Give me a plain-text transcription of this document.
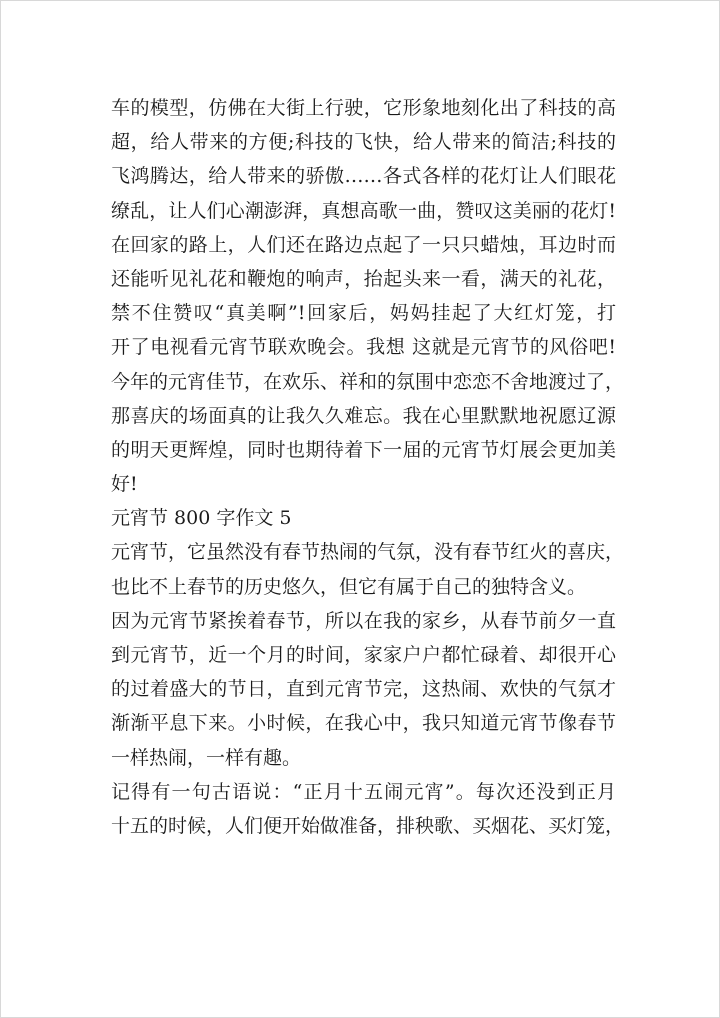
车的模型，仿佛在大街上行驶，它形象地刻化出了科技的高
超，给人带来的方便;科技的飞快，给人带来的简洁;科技的
飞鸿腾达，给人带来的骄傲……各式各样的花灯让人们眼花
缭乱，让人们心潮澎湃，真想高歌一曲，赞叹这美丽的花灯!
在回家的路上，人们还在路边点起了一只只蜡烛，耳边时而
还能听见礼花和鞭炮的响声，抬起头来一看，满天的礼花，
禁不住赞叹“真美啊”!回家后，妈妈挂起了大红灯笼，打
开了电视看元宵节联欢晚会。我想 这就是元宵节的风俗吧!
今年的元宵佳节，在欢乐、祥和的氛围中恋恋不舍地渡过了，
那喜庆的场面真的让我久久难忘。我在心里默默地祝愿辽源
的明天更辉煌，同时也期待着下一届的元宵节灯展会更加美
好!
元宵节 800 字作文 5
元宵节，它虽然没有春节热闹的气氛，没有春节红火的喜庆，
也比不上春节的历史悠久，但它有属于自己的独特含义。
因为元宵节紧挨着春节，所以在我的家乡，从春节前夕一直
到元宵节，近一个月的时间，家家户户都忙碌着、却很开心
的过着盛大的节日，直到元宵节完，这热闹、欢快的气氛才
渐渐平息下来。小时候，在我心中，我只知道元宵节像春节
一样热闹，一样有趣。
记得有一句古语说：“正月十五闹元宵”。每次还没到正月
十五的时候，人们便开始做准备，排秧歌、买烟花、买灯笼，
